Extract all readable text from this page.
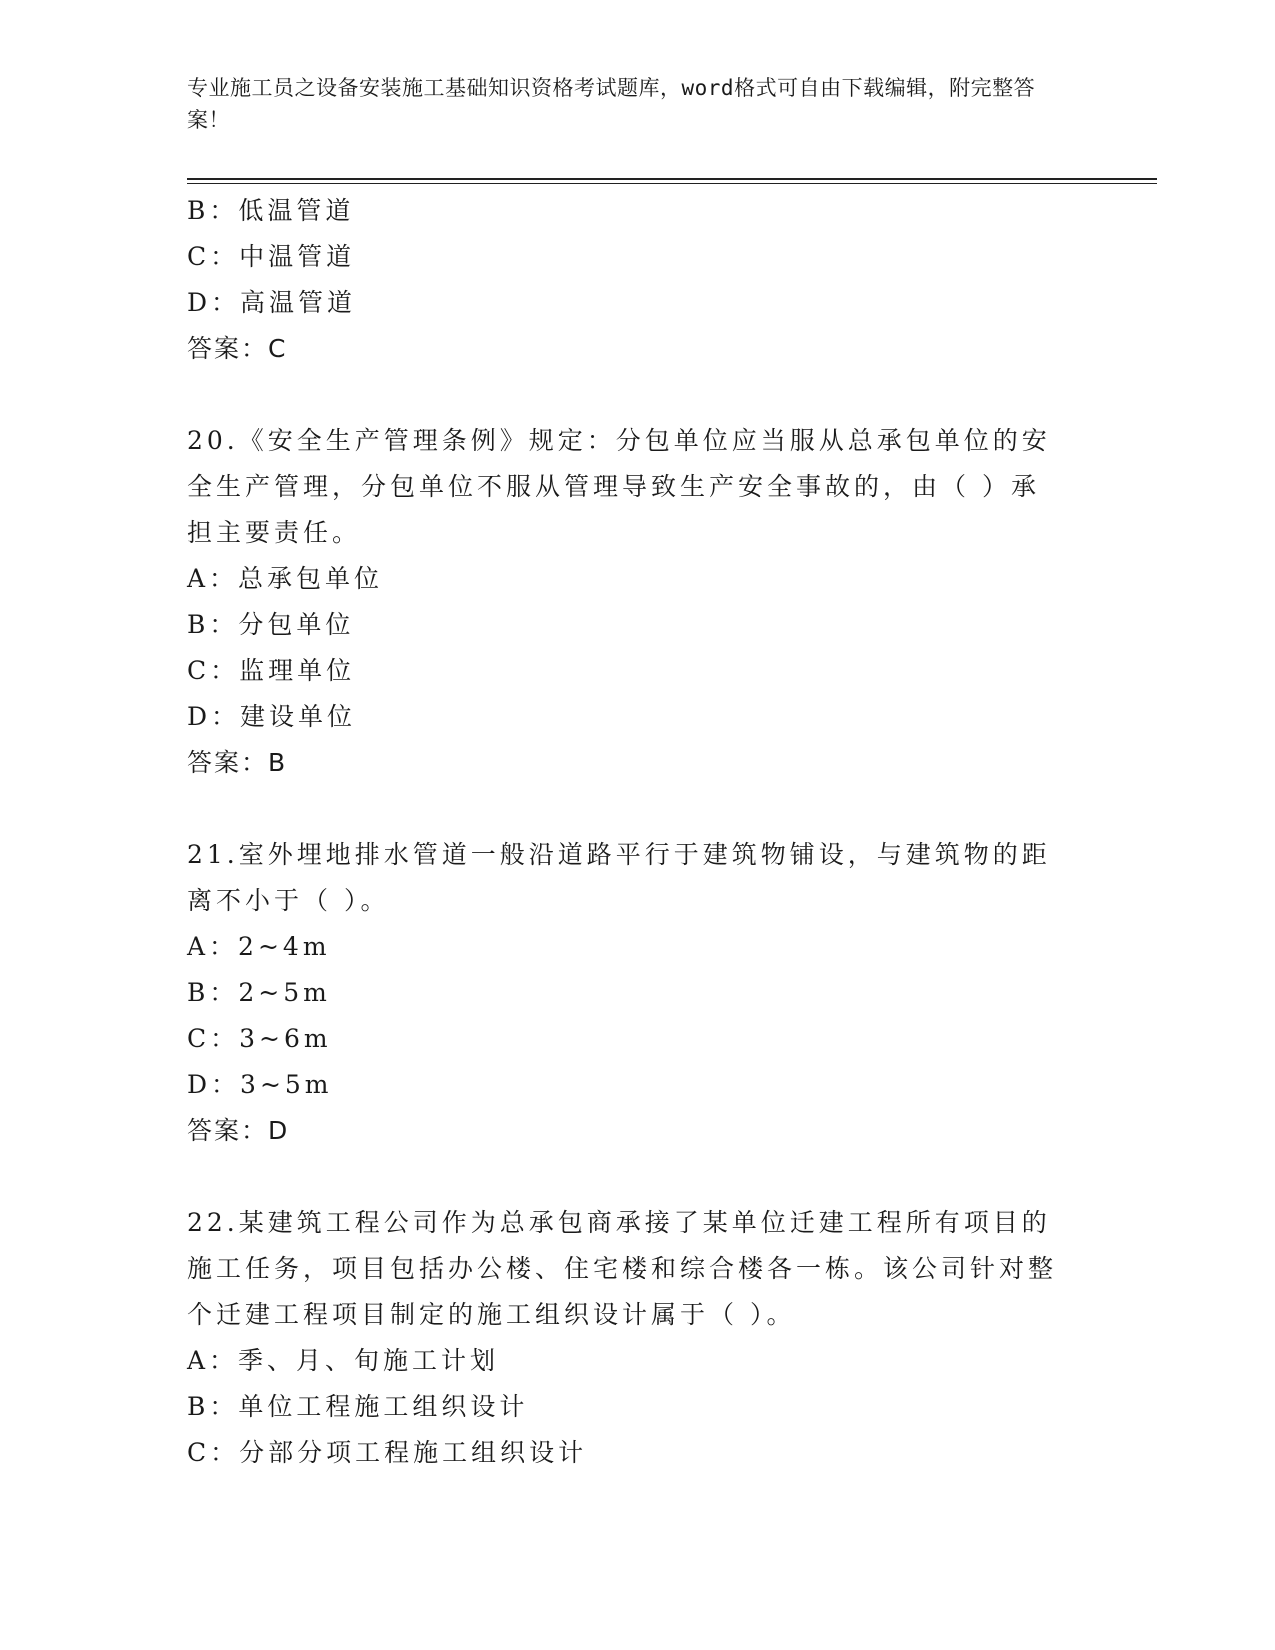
专业施工员之设备安装施工基础知识资格考试题库，word格式可自由下载编辑，附完整答案！
B：低温管道
C：中温管道
D：高温管道
答案：C
20.《安全生产管理条例》规定：分包单位应当服从总承包单位的安全生产管理，分包单位不服从管理导致生产安全事故的，由（ ）承担主要责任。
A：总承包单位
B：分包单位
C：监理单位
D：建设单位
答案：B
21.室外埋地排水管道一般沿道路平行于建筑物铺设，与建筑物的距离不小于（ ）。
A：2~4m
B：2~5m
C：3~6m
D：3~5m
答案：D
22.某建筑工程公司作为总承包商承接了某单位迁建工程所有项目的施工任务，项目包括办公楼、住宅楼和综合楼各一栋。该公司针对整个迁建工程项目制定的施工组织设计属于（ ）。
A：季、月、旬施工计划
B：单位工程施工组织设计
C：分部分项工程施工组织设计
